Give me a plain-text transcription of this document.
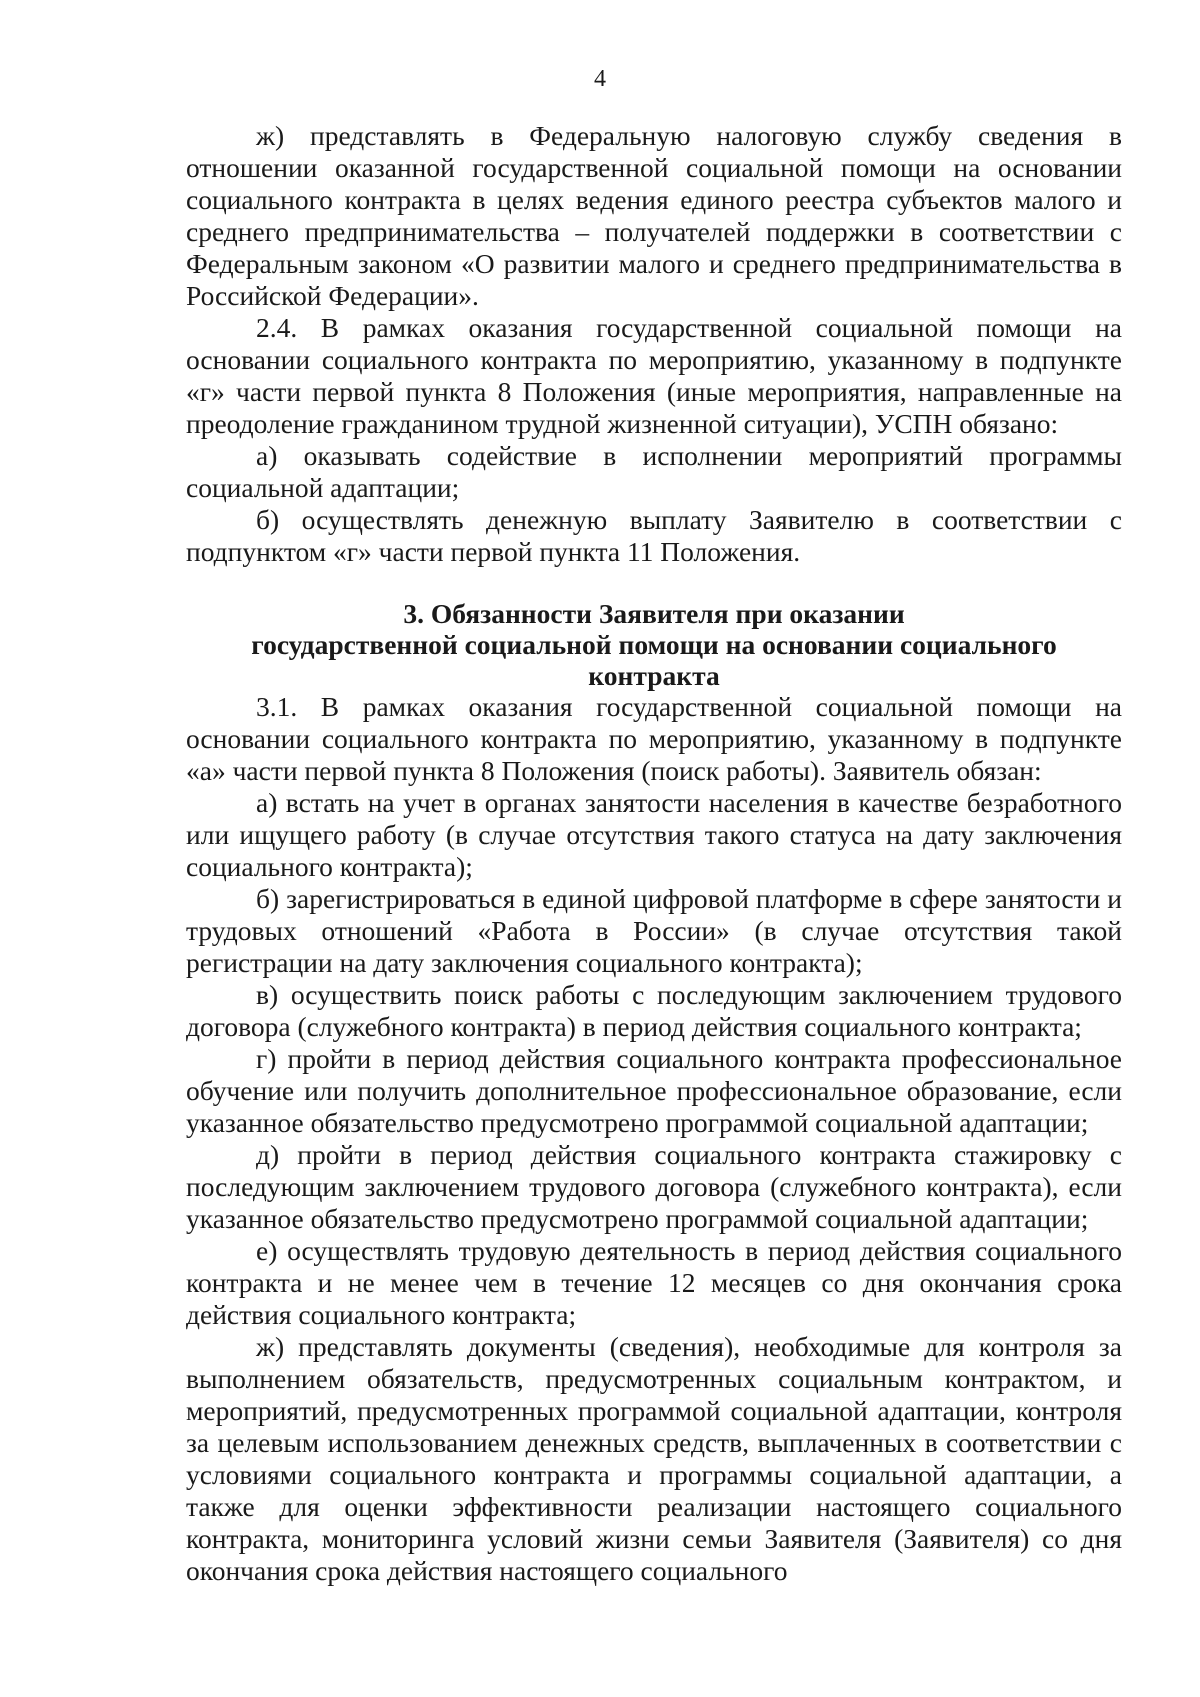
4

ж) представлять в Федеральную налоговую службу сведения в отношении оказанной государственной социальной помощи на основании социального контракта в целях ведения единого реестра субъектов малого и среднего предпринимательства – получателей поддержки в соответствии с Федеральным законом «О развитии малого и среднего предпринимательства в Российской Федерации».

2.4. В рамках оказания государственной социальной помощи на основании социального контракта по мероприятию, указанному в подпункте «г» части первой пункта 8 Положения (иные мероприятия, направленные на преодоление гражданином трудной жизненной ситуации), УСПН обязано:

а) оказывать содействие в исполнении мероприятий программы социальной адаптации;

б) осуществлять денежную выплату Заявителю в соответствии с подпунктом «г» части первой пункта 11 Положения.

3. Обязанности Заявителя при оказании
государственной социальной помощи на основании социального контракта

3.1. В рамках оказания государственной социальной помощи на основании социального контракта по мероприятию, указанному в подпункте «а» части первой пункта 8 Положения (поиск работы). Заявитель обязан:

а) встать на учет в органах занятости населения в качестве безработного или ищущего работу (в случае отсутствия такого статуса на дату заключения социального контракта);

б) зарегистрироваться в единой цифровой платформе в сфере занятости и трудовых отношений «Работа в России» (в случае отсутствия такой регистрации на дату заключения социального контракта);

в) осуществить поиск работы с последующим заключением трудового договора (служебного контракта) в период действия социального контракта;

г) пройти в период действия социального контракта профессиональное обучение или получить дополнительное профессиональное образование, если указанное обязательство предусмотрено программой социальной адаптации;

д) пройти в период действия социального контракта стажировку с последующим заключением трудового договора (служебного контракта), если указанное обязательство предусмотрено программой социальной адаптации;

е) осуществлять трудовую деятельность в период действия социального контракта и не менее чем в течение 12 месяцев со дня окончания срока действия социального контракта;

ж) представлять документы (сведения), необходимые для контроля за выполнением обязательств, предусмотренных социальным контрактом, и мероприятий, предусмотренных программой социальной адаптации, контроля за целевым использованием денежных средств, выплаченных в соответствии с условиями социального контракта и программы социальной адаптации, а также для оценки эффективности реализации настоящего социального контракта, мониторинга условий жизни семьи Заявителя (Заявителя) со дня окончания срока действия настоящего социального
